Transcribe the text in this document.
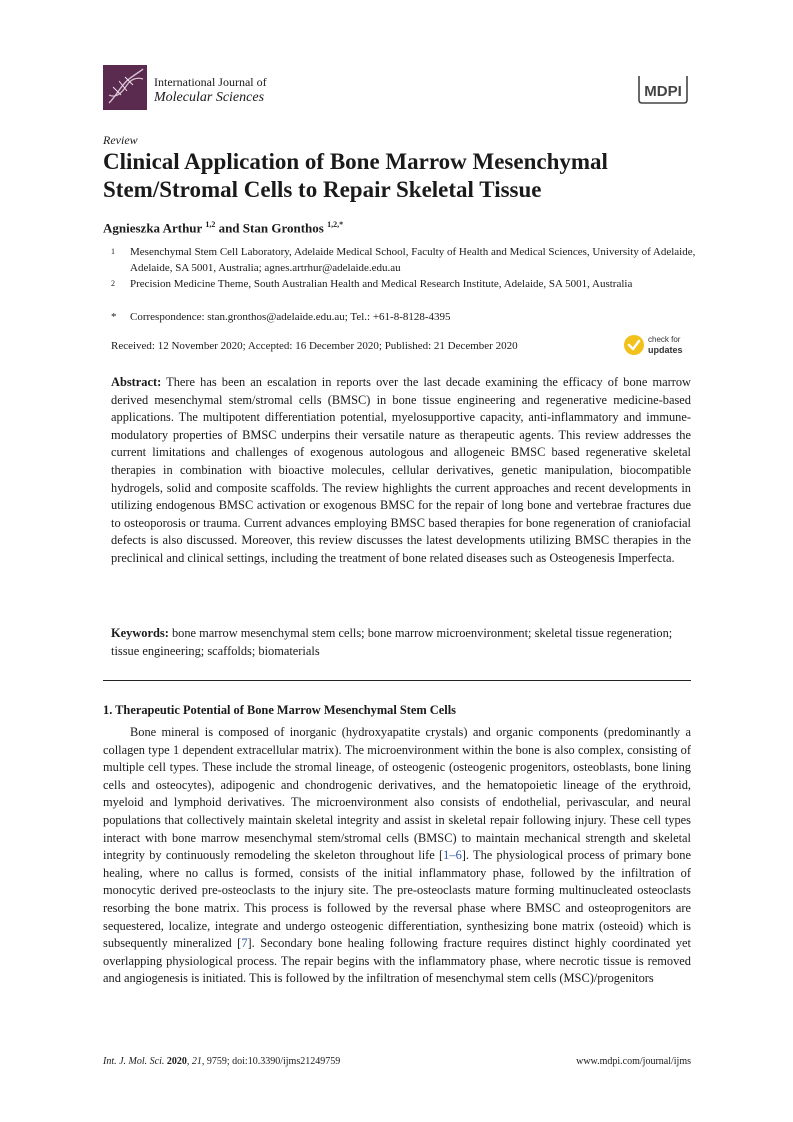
International Journal of
Molecular Sciences	MDPI
Review
Clinical Application of Bone Marrow Mesenchymal Stem/Stromal Cells to Repair Skeletal Tissue
Agnieszka Arthur $^{1,2}$ and Stan Gronthos $^{1,2,*}$
1 Mesenchymal Stem Cell Laboratory, Adelaide Medical School, Faculty of Health and Medical Sciences, University of Adelaide, Adelaide, SA 5001, Australia; agnes.artrhur@adelaide.edu.au
2 Precision Medicine Theme, South Australian Health and Medical Research Institute, Adelaide, SA 5001, Australia
* Correspondence: stan.gronthos@adelaide.edu.au; Tel.: +61-8-8128-4395
Received: 12 November 2020; Accepted: 16 December 2020; Published: 21 December 2020
check for
updates
Abstract: There has been an escalation in reports over the last decade examining the efficacy of bone marrow derived mesenchymal stem/stromal cells (BMSC) in bone tissue engineering and regenerative medicine-based applications. The multipotent differentiation potential, myelosupportive capacity, anti-inflammatory and immune-modulatory properties of BMSC underpins their versatile nature as therapeutic agents. This review addresses the current limitations and challenges of exogenous autologous and allogeneic BMSC based regenerative skeletal therapies in combination with bioactive molecules, cellular derivatives, genetic manipulation, biocompatible hydrogels, solid and composite scaffolds. The review highlights the current approaches and recent developments in utilizing endogenous BMSC activation or exogenous BMSC for the repair of long bone and vertebrae fractures due to osteoporosis or trauma. Current advances employing BMSC based therapies for bone regeneration of craniofacial defects is also discussed. Moreover, this review discusses the latest developments utilizing BMSC therapies in the preclinical and clinical settings, including the treatment of bone related diseases such as Osteogenesis Imperfecta.
Keywords: bone marrow mesenchymal stem cells; bone marrow microenvironment; skeletal tissue regeneration; tissue engineering; scaffolds; biomaterials
1. Therapeutic Potential of Bone Marrow Mesenchymal Stem Cells
Bone mineral is composed of inorganic (hydroxyapatite crystals) and organic components (predominantly a collagen type 1 dependent extracellular matrix). The microenvironment within the bone is also complex, consisting of multiple cell types. These include the stromal lineage, of osteogenic (osteogenic progenitors, osteoblasts, bone lining cells and osteocytes), adipogenic and chondrogenic derivatives, and the hematopoietic lineage of the erythroid, myeloid and lymphoid derivatives. The microenvironment also consists of endothelial, perivascular, and neural populations that collectively maintain skeletal integrity and assist in skeletal repair following injury. These cell types interact with bone marrow mesenchymal stem/stromal cells (BMSC) to maintain mechanical strength and skeletal integrity by continuously remodeling the skeleton throughout life [1–6]. The physiological process of primary bone healing, where no callus is formed, consists of the initial inflammatory phase, followed by the infiltration of monocytic derived pre-osteoclasts to the injury site. The pre-osteoclasts mature forming multinucleated osteoclasts resorbing the bone matrix. This process is followed by the reversal phase where BMSC and osteoprogenitors are sequestered, localize, integrate and undergo osteogenic differentiation, synthesizing bone matrix (osteoid) which is subsequently mineralized [7]. Secondary bone healing following fracture requires distinct highly coordinated yet overlapping physiological process. The repair begins with the inflammatory phase, where necrotic tissue is removed and angiogenesis is initiated. This is followed by the infiltration of mesenchymal stem cells (MSC)/progenitors
Int. J. Mol. Sci. 2020, 21, 9759; doi:10.3390/ijms21249759	www.mdpi.com/journal/ijms
